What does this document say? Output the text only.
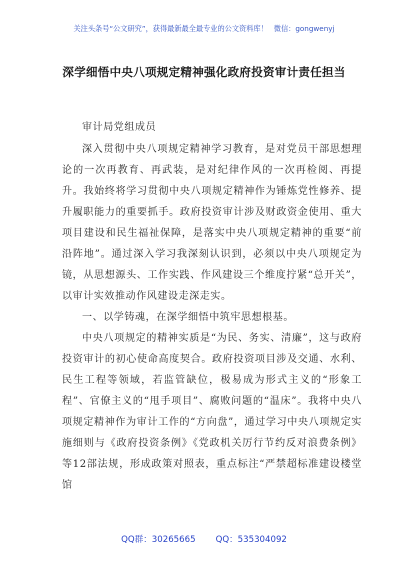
关注头条号“公文研究”，获得最新最全最专业的公文资料库！ 微信：gongwenyj
深学细悟中央八项规定精神强化政府投资审计责任担当

审计局党组成员

深入贯彻中央八项规定精神学习教育，是对党员干部思想理论的一次再教育、再武装，是对纪律作风的一次再检阅、再提升。我始终将学习贯彻中央八项规定精神作为锤炼党性修养、提升履职能力的重要抓手。政府投资审计涉及财政资金使用、重大项目建设和民生福祉保障，是落实中央八项规定精神的重要“前沿阵地”。通过深入学习我深刻认识到，必须以中央八项规定为镜，从思想源头、工作实践、作风建设三个维度拧紧“总开关”，以审计实效推动作风建设走深走实。

一、以学铸魂，在深学细悟中筑牢思想根基。

中央八项规定的精神实质是“为民、务实、清廉”，这与政府投资审计的初心使命高度契合。政府投资项目涉及交通、水利、民生工程等领域，若监管缺位，极易成为形式主义的“形象工程”、官僚主义的“甩手项目”、腐败问题的“温床”。我将中央八项规定精神作为审计工作的“方向盘”，通过学习中央八项规定实施细则与《政府投资条例》《党政机关厉行节约反对浪费条例》等12部法规，形成政策对照表，重点标注“严禁超标准建设楼堂馆

QQ群：30265665 QQ：535304092
